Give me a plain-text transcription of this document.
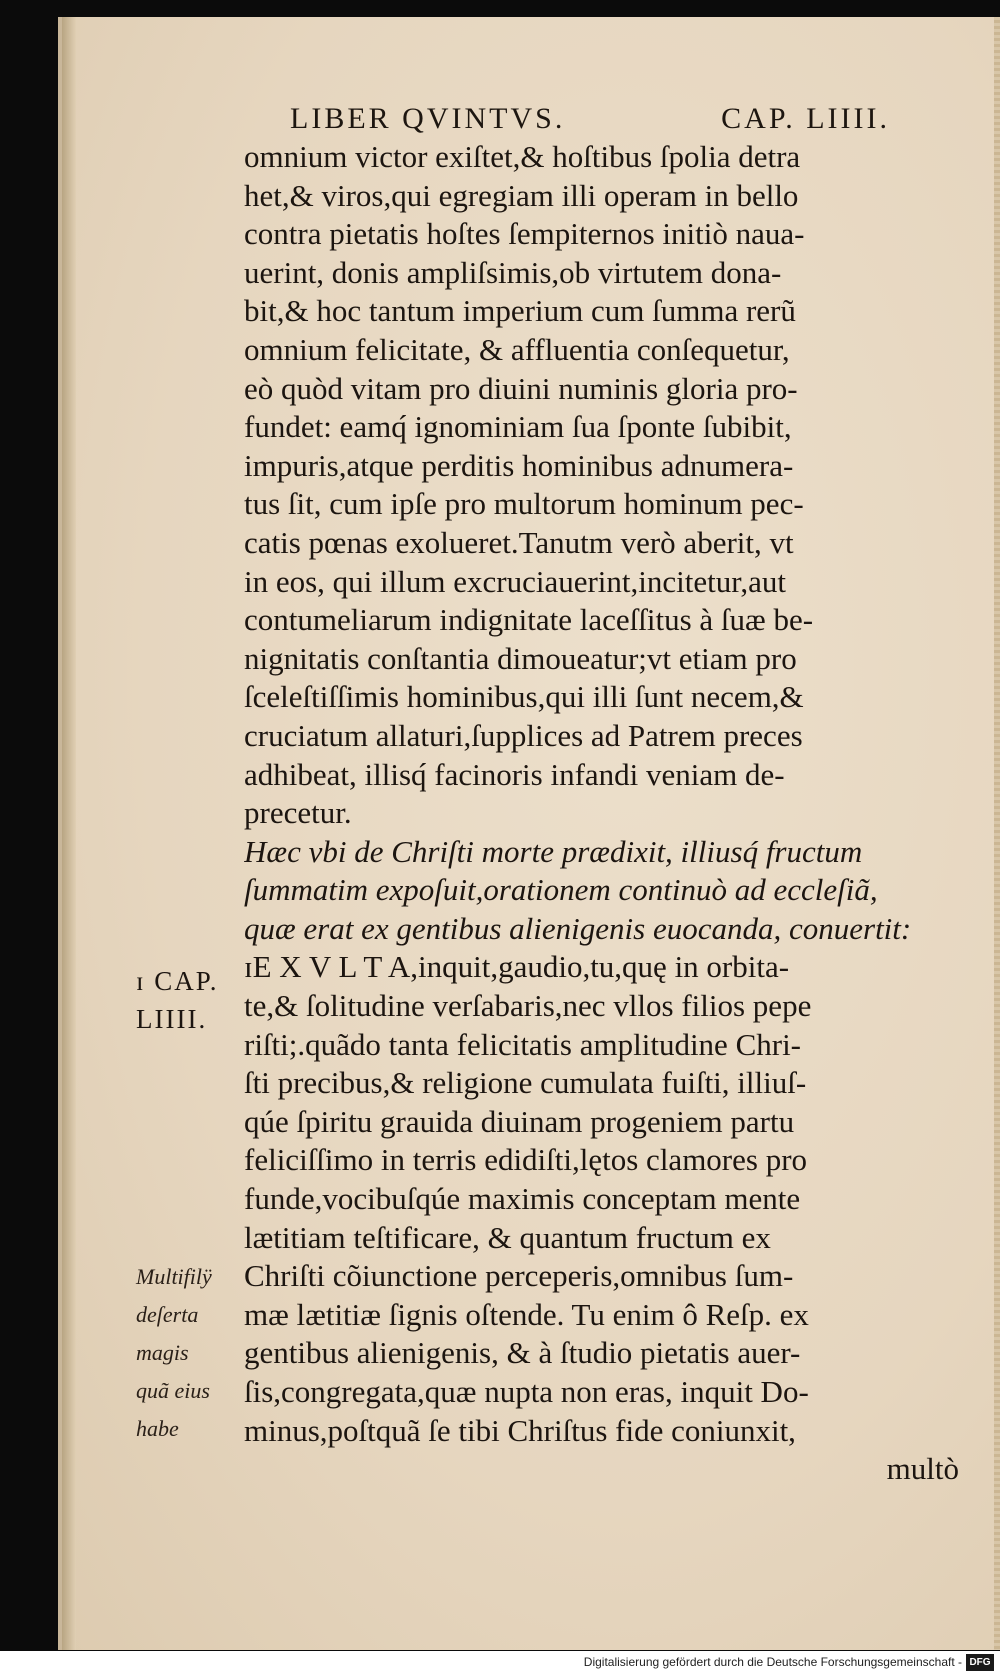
LIBER QVINTVS.	CAP. LIIII.
omnium victor exiſtet,& hoſtibus ſpolia detra
het,& viros,qui egregiam illi operam in bello
contra pietatis hoſtes ſempiternos initiò naua-
uerint, donis ampliſsimis,ob virtutem dona-
bit,& hoc tantum imperium cum ſumma rerũ
omnium felicitate, & affluentia conſequetur,
eò quòd vitam pro diuini numinis gloria pro-
fundet: eamq́ ignominiam ſua ſponte ſubibit,
impuris,atque perditis hominibus adnumera-
tus ſit, cum ipſe pro multorum hominum pec-
catis pœnas exolueret.Tanutm verò aberit, vt
in eos, qui illum excruciauerint,incitetur,aut
contumeliarum indignitate laceſſitus à ſuæ be-
nignitatis conſtantia dimoueatur;vt etiam pro
ſceleſtiſſimis hominibus,qui illi ſunt necem,&
cruciatum allaturi,ſupplices ad Patrem preces
adhibeat, illisq́ facinoris infandi veniam de-
precetur.
Hæc vbi de Chriſti morte prædixit, illiusq́ fructum
ſummatim expoſuit,orationem continuò ad eccleſiã,
quæ erat ex gentibus alienigenis euocanda, conuertit:
ɪE X V L T A,inquit,gaudio,tu,quę in orbita-
te,& ſolitudine verſabaris,nec vllos filios pepe
riſti;.quãdo tanta felicitatis amplitudine Chri-
ſti precibus,& religione cumulata fuiſti, illiuſ-
qúe ſpiritu grauida diuinam progeniem partu
feliciſſimo in terris edidiſti,lętos clamores pro
funde,vocibuſqúe maximis conceptam mente
lætitiam teſtificare, & quantum fructum ex
Chriſti cõiunctione perceperis,omnibus ſum-
mæ lætitiæ ſignis oſtende. Tu enim ô Reſp. ex
gentibus alienigenis, & à ſtudio pietatis auer-
ſis,congregata,quæ nupta non eras, inquit Do-
minus,poſtquã ſe tibi Chriſtus fide coniunxit,
multò
ɪ CAP.
LIIII.
Multifilÿ
deſerta
magis
quã eius
habe
Digitalisierung gefördert durch die Deutsche Forschungsgemeinschaft - DFG
